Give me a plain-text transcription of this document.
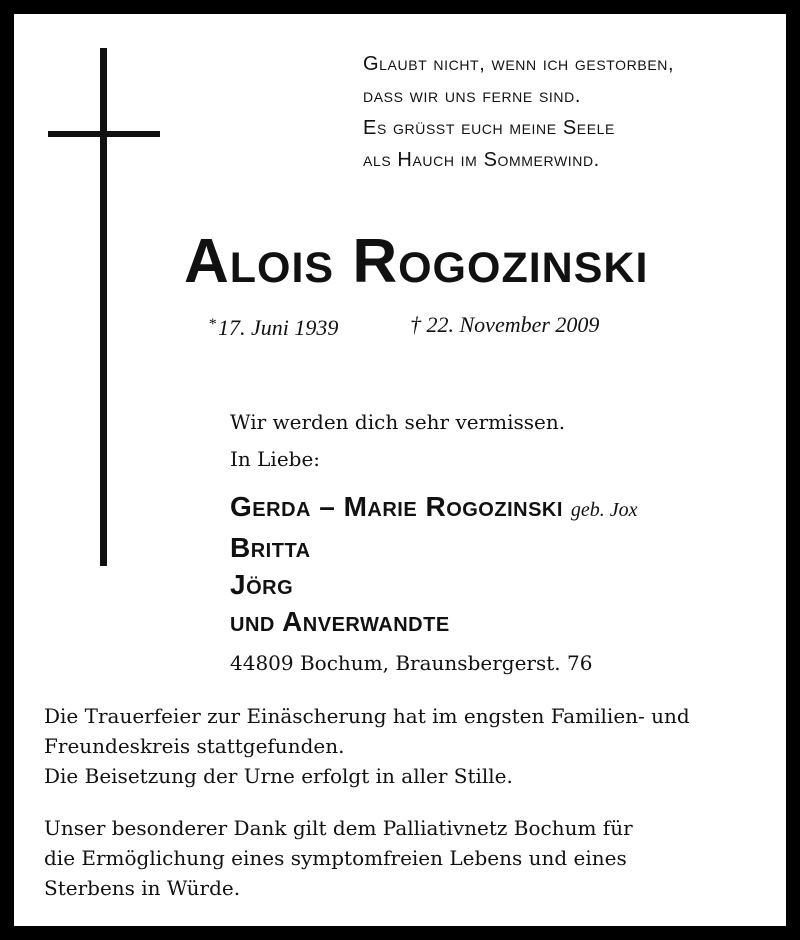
Glaubt nicht, wenn ich gestorben,
dass wir uns ferne sind.
Es grüsst euch meine Seele
als Hauch im Sommerwind.
Alois Rogozinski
*17. Juni 1939	† 22. November 2009
Wir werden dich sehr vermissen.
In Liebe:
Gerda – Marie Rogozinski geb. Jox
Britta
Jörg
und Anverwandte
44809 Bochum, Braunsbergerst. 76
Die Trauerfeier zur Einäscherung hat im engsten Familien- und
Freundeskreis stattgefunden.
Die Beisetzung der Urne erfolgt in aller Stille.
Unser besonderer Dank gilt dem Palliativnetz Bochum für
die Ermöglichung eines symptomfreien Lebens und eines
Sterbens in Würde.
